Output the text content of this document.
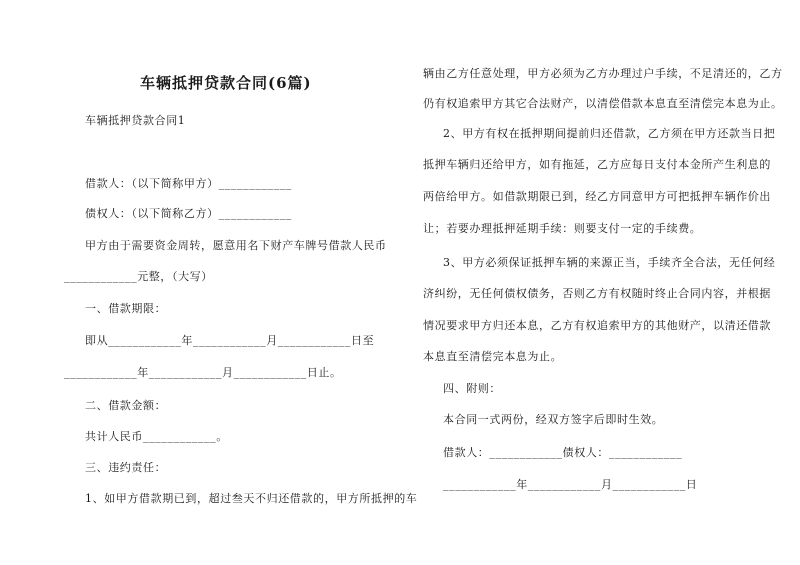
车辆抵押贷款合同(6篇)
车辆抵押贷款合同1
借款人：（以下简称甲方）____________
债权人：（以下简称乙方）____________
甲方由于需要资金周转，愿意用名下财产车牌号借款人民币
____________元整，（大写）
一、借款期限：
即从____________年____________月____________日至
____________年____________月____________日止。
二、借款金额：
共计人民币____________。
三、违约责任：
1、如甲方借款期已到，超过叁天不归还借款的，甲方所抵押的车
辆由乙方任意处理，甲方必须为乙方办理过户手续，不足清还的，乙方
仍有权追索甲方其它合法财产，以清偿借款本息直至清偿完本息为止。
2、甲方有权在抵押期间提前归还借款，乙方须在甲方还款当日把
抵押车辆归还给甲方，如有拖延，乙方应每日支付本金所产生利息的
两倍给甲方。如借款期限已到，经乙方同意甲方可把抵押车辆作价出
让；若要办理抵押延期手续：则要支付一定的手续费。
3、甲方必须保证抵押车辆的来源正当，手续齐全合法，无任何经
济纠纷，无任何债权债务，否则乙方有权随时终止合同内容，并根据
情况要求甲方归还本息，乙方有权追索甲方的其他财产，以清还借款
本息直至清偿完本息为止。
四、附则：
本合同一式两份，经双方签字后即时生效。
借款人：____________债权人：____________
____________年____________月____________日
